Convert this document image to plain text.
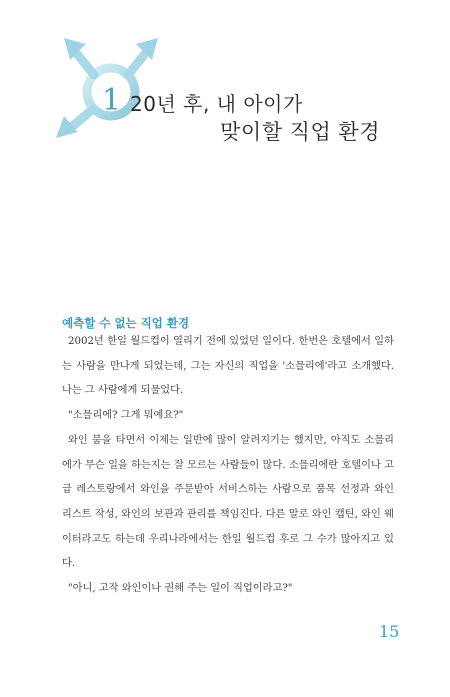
1 20년 후, 내 아이가
맞이할 직업 환경
예측할 수 없는 직업 환경

2002년 한일 월드컵이 열리기 전에 있었던 일이다. 한번은 호텔에서 일하는 사람을 만나게 되었는데, 그는 자신의 직업을 '소믈리에'라고 소개했다. 나는 그 사람에게 되물었다.

"소믈리에? 그게 뭐예요?"

와인 붐을 타면서 이제는 일반에 많이 알려지기는 했지만, 아직도 소믈리에가 무슨 일을 하는지는 잘 모르는 사람들이 많다. 소믈리에란 호텔이나 고급 레스토랑에서 와인을 주문받아 서비스하는 사람으로 품목 선정과 와인 리스트 작성, 와인의 보관과 관리를 책임진다. 다른 말로 와인 캡틴, 와인 웨이터라고도 하는데 우리나라에서는 한일 월드컵 후로 그 수가 많아지고 있다.

"아니, 고작 와인이나 권해 주는 일이 직업이라고?"

15
